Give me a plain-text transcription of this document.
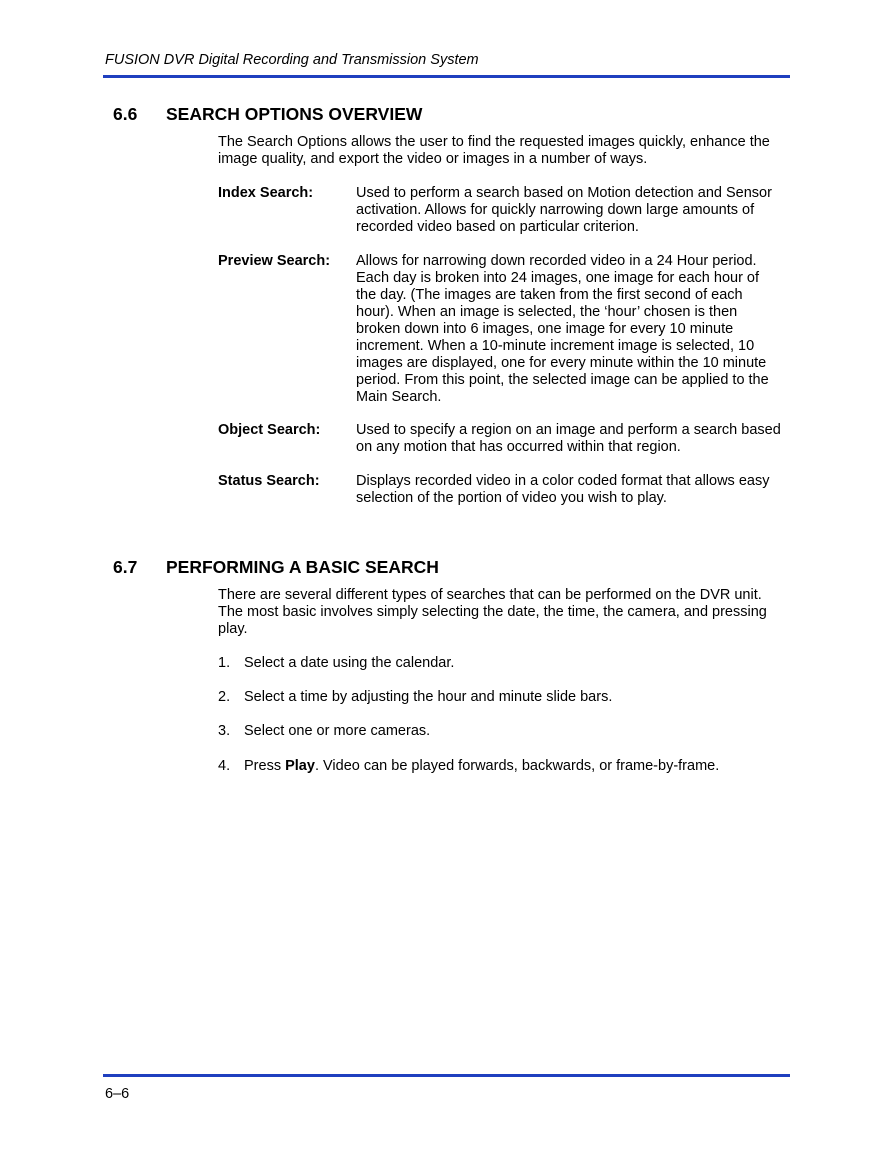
FUSION DVR Digital Recording and Transmission System
6.6 SEARCH OPTIONS OVERVIEW
The Search Options allows the user to find the requested images quickly, enhance the image quality, and export the video or images in a number of ways.
Index Search:	Used to perform a search based on Motion detection and Sensor activation. Allows for quickly narrowing down large amounts of recorded video based on particular criterion.
Preview Search: Allows for narrowing down recorded video in a 24 Hour period. Each day is broken into 24 images, one image for each hour of the day. (The images are taken from the first second of each hour). When an image is selected, the ‘hour’ chosen is then broken down into 6 images, one image for every 10 minute increment. When a 10-minute increment image is selected, 10 images are displayed, one for every minute within the 10 minute period. From this point, the selected image can be applied to the Main Search.
Object Search: Used to specify a region on an image and perform a search based on any motion that has occurred within that region.
Status Search:	Displays recorded video in a color coded format that allows easy selection of the portion of video you wish to play.
6.7 PERFORMING A BASIC SEARCH
There are several different types of searches that can be performed on the DVR unit. The most basic involves simply selecting the date, the time, the camera, and pressing play.
1. Select a date using the calendar.
2. Select a time by adjusting the hour and minute slide bars.
3. Select one or more cameras.
4. Press Play. Video can be played forwards, backwards, or frame-by-frame.
6–6
